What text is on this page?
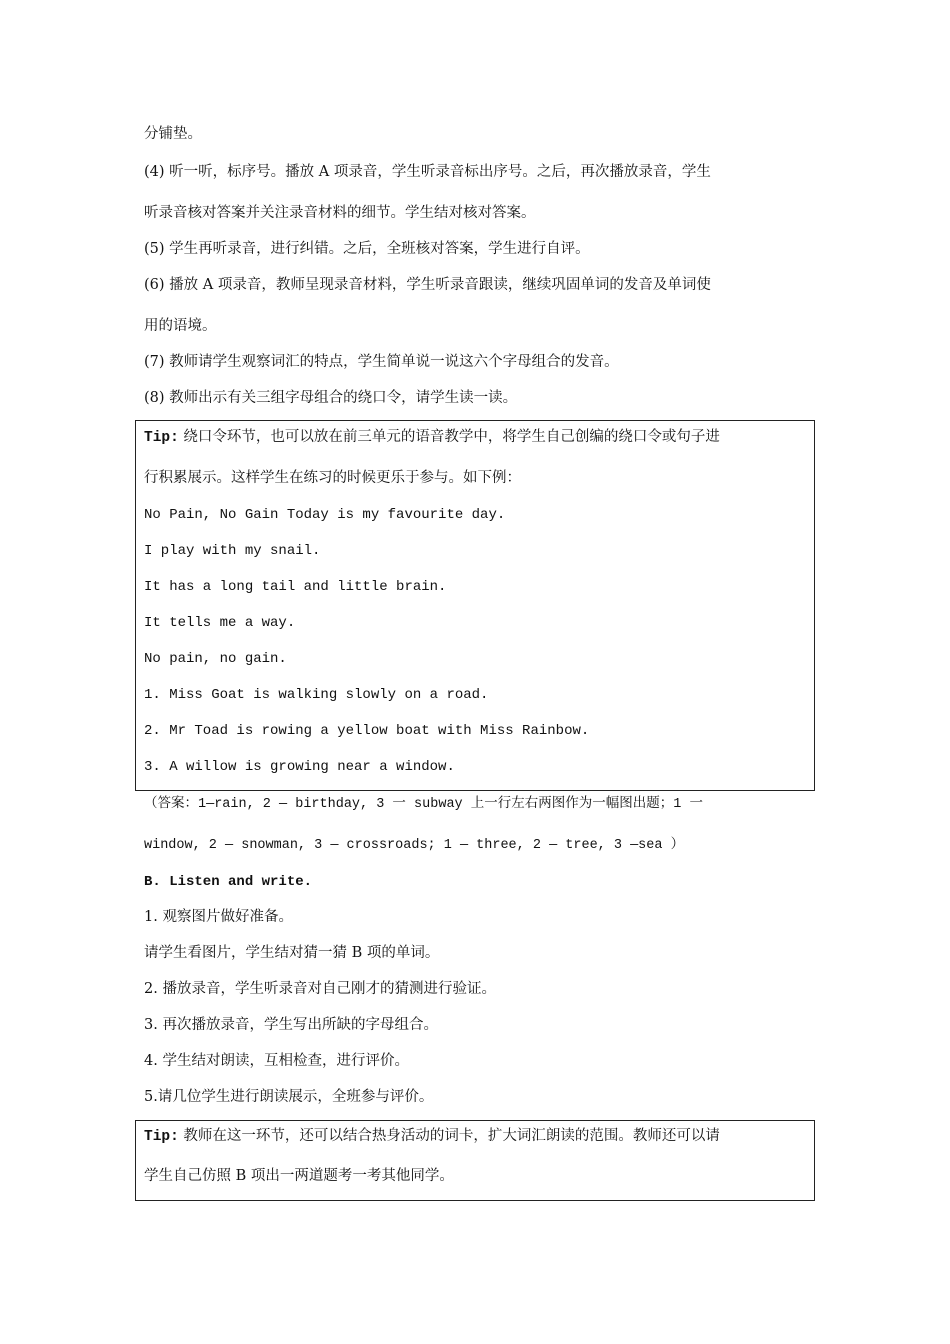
分铺垫。
(4) 听一听，标序号。播放 A 项录音，学生听录音标出序号。之后，再次播放录音，学生
听录音核对答案并关注录音材料的细节。学生结对核对答案。
(5) 学生再听录音，进行纠错。之后，全班核对答案，学生进行自评。
(6) 播放 A 项录音，教师呈现录音材料，学生听录音跟读，继续巩固单词的发音及单词使
用的语境。
(7) 教师请学生观察词汇的特点，学生简单说一说这六个字母组合的发音。
(8) 教师出示有关三组字母组合的绕口令，请学生读一读。
Tip: 绕口令环节，也可以放在前三单元的语音教学中，将学生自己创编的绕口令或句子进
行积累展示。这样学生在练习的时候更乐于参与。如下例：
No Pain, No Gain Today is my favourite day.
I play with my snail.
It has a long tail and little brain.
It tells me a way.
No pain, no gain.
1. Miss Goat is walking slowly on a road.
2. Mr Toad is rowing a yellow boat with Miss Rainbow.
3. A willow is growing near a window.
（答案：1—rain, 2 — birthday, 3 一 subway 上一行左右两图作为一幅图出题；1 一
window, 2 — snowman, 3 — crossroads; 1 — three, 2 — tree, 3 —sea ）
B. Listen and write.
1. 观察图片做好准备。
请学生看图片，学生结对猜一猜 B 项的单词。
2. 播放录音，学生听录音对自己刚才的猜测进行验证。
3. 再次播放录音，学生写出所缺的字母组合。
4. 学生结对朗读，互相检查，进行评价。
5.请几位学生进行朗读展示，全班参与评价。
Tip: 教师在这一环节，还可以结合热身活动的词卡，扩大词汇朗读的范围。教师还可以请
学生自己仿照 B 项出一两道题考一考其他同学。
